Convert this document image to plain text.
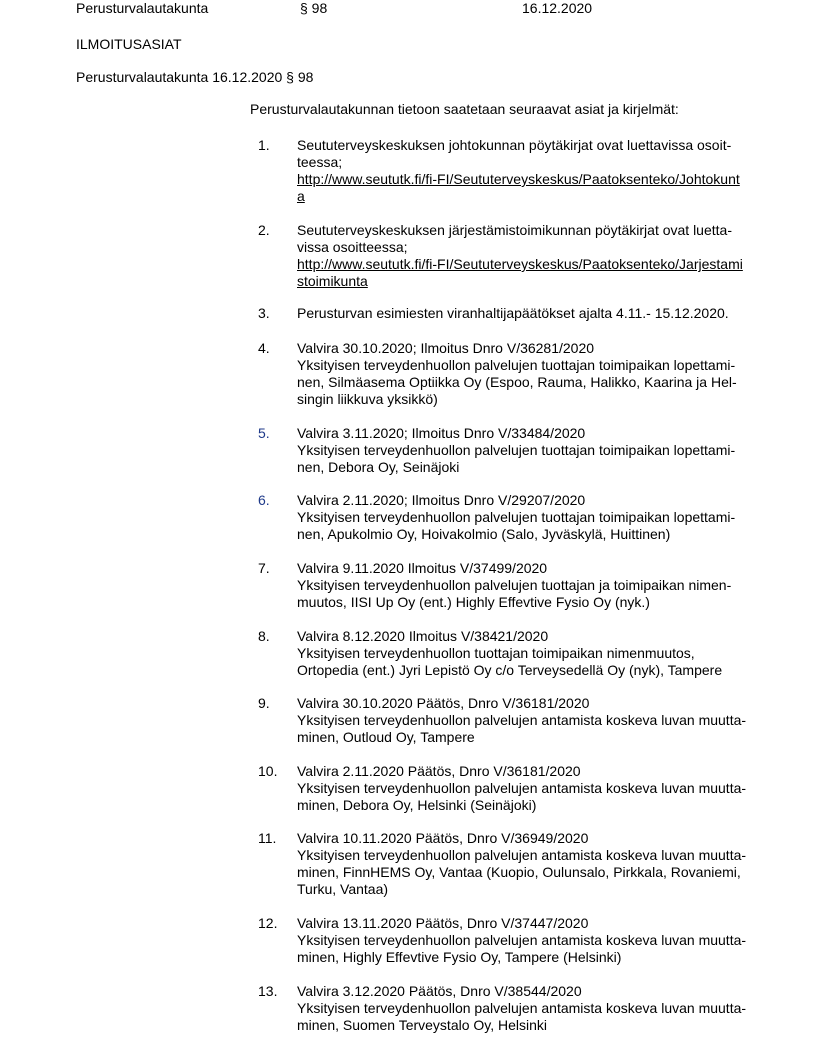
Perusturvalautakunta	§ 98	16.12.2020
ILMOITUSASIAT
Perusturvalautakunta 16.12.2020 § 98
Perusturvalautakunnan tietoon saatetaan seuraavat asiat ja kirjelmät:
1. Seututerveyskeskuksen johtokunnan pöytäkirjat ovat luettavissa osoit-
teessa;
http://www.seututk.fi/fi-FI/Seututerveyskeskus/Paatoksenteko/Johtokunt
a
2. Seututerveyskeskuksen järjestämistoimikunnan pöytäkirjat ovat luetta-
vissa osoitteessa;
http://www.seututk.fi/fi-FI/Seututerveyskeskus/Paatoksenteko/Jarjestami
stoimikunta
3. Perusturvan esimiesten viranhaltijapäätökset ajalta 4.11.- 15.12.2020.
4. Valvira 30.10.2020; Ilmoitus Dnro V/36281/2020
Yksityisen terveydenhuollon palvelujen tuottajan toimipaikan lopettami-
nen, Silmäasema Optiikka Oy (Espoo, Rauma, Halikko, Kaarina ja Hel-
singin liikkuva yksikkö)
5. Valvira 3.11.2020; Ilmoitus Dnro V/33484/2020
Yksityisen terveydenhuollon palvelujen tuottajan toimipaikan lopettami-
nen, Debora Oy, Seinäjoki
6. Valvira 2.11.2020; Ilmoitus Dnro V/29207/2020
Yksityisen terveydenhuollon palvelujen tuottajan toimipaikan lopettami-
nen, Apukolmio Oy, Hoivakolmio (Salo, Jyväskylä, Huittinen)
7. Valvira 9.11.2020 Ilmoitus V/37499/2020
Yksityisen terveydenhuollon palvelujen tuottajan ja toimipaikan nimen-
muutos, IISI Up Oy (ent.) Highly Effevtive Fysio Oy (nyk.)
8. Valvira 8.12.2020 Ilmoitus V/38421/2020
Yksityisen terveydenhuollon tuottajan toimipaikan nimenmuutos,
Ortopedia (ent.) Jyri Lepistö Oy c/o Terveysedellä Oy (nyk), Tampere
9. Valvira 30.10.2020 Päätös, Dnro V/36181/2020
Yksityisen terveydenhuollon palvelujen antamista koskeva luvan muutta-
minen, Outloud Oy, Tampere
10. Valvira 2.11.2020 Päätös, Dnro V/36181/2020
Yksityisen terveydenhuollon palvelujen antamista koskeva luvan muutta-
minen, Debora Oy, Helsinki (Seinäjoki)
11. Valvira 10.11.2020 Päätös, Dnro V/36949/2020
Yksityisen terveydenhuollon palvelujen antamista koskeva luvan muutta-
minen, FinnHEMS Oy, Vantaa (Kuopio, Oulunsalo, Pirkkala, Rovaniemi,
Turku, Vantaa)
12. Valvira 13.11.2020 Päätös, Dnro V/37447/2020
Yksityisen terveydenhuollon palvelujen antamista koskeva luvan muutta-
minen, Highly Effevtive Fysio Oy, Tampere (Helsinki)
13. Valvira 3.12.2020 Päätös, Dnro V/38544/2020
Yksityisen terveydenhuollon palvelujen antamista koskeva luvan muutta-
minen, Suomen Terveystalo Oy, Helsinki
